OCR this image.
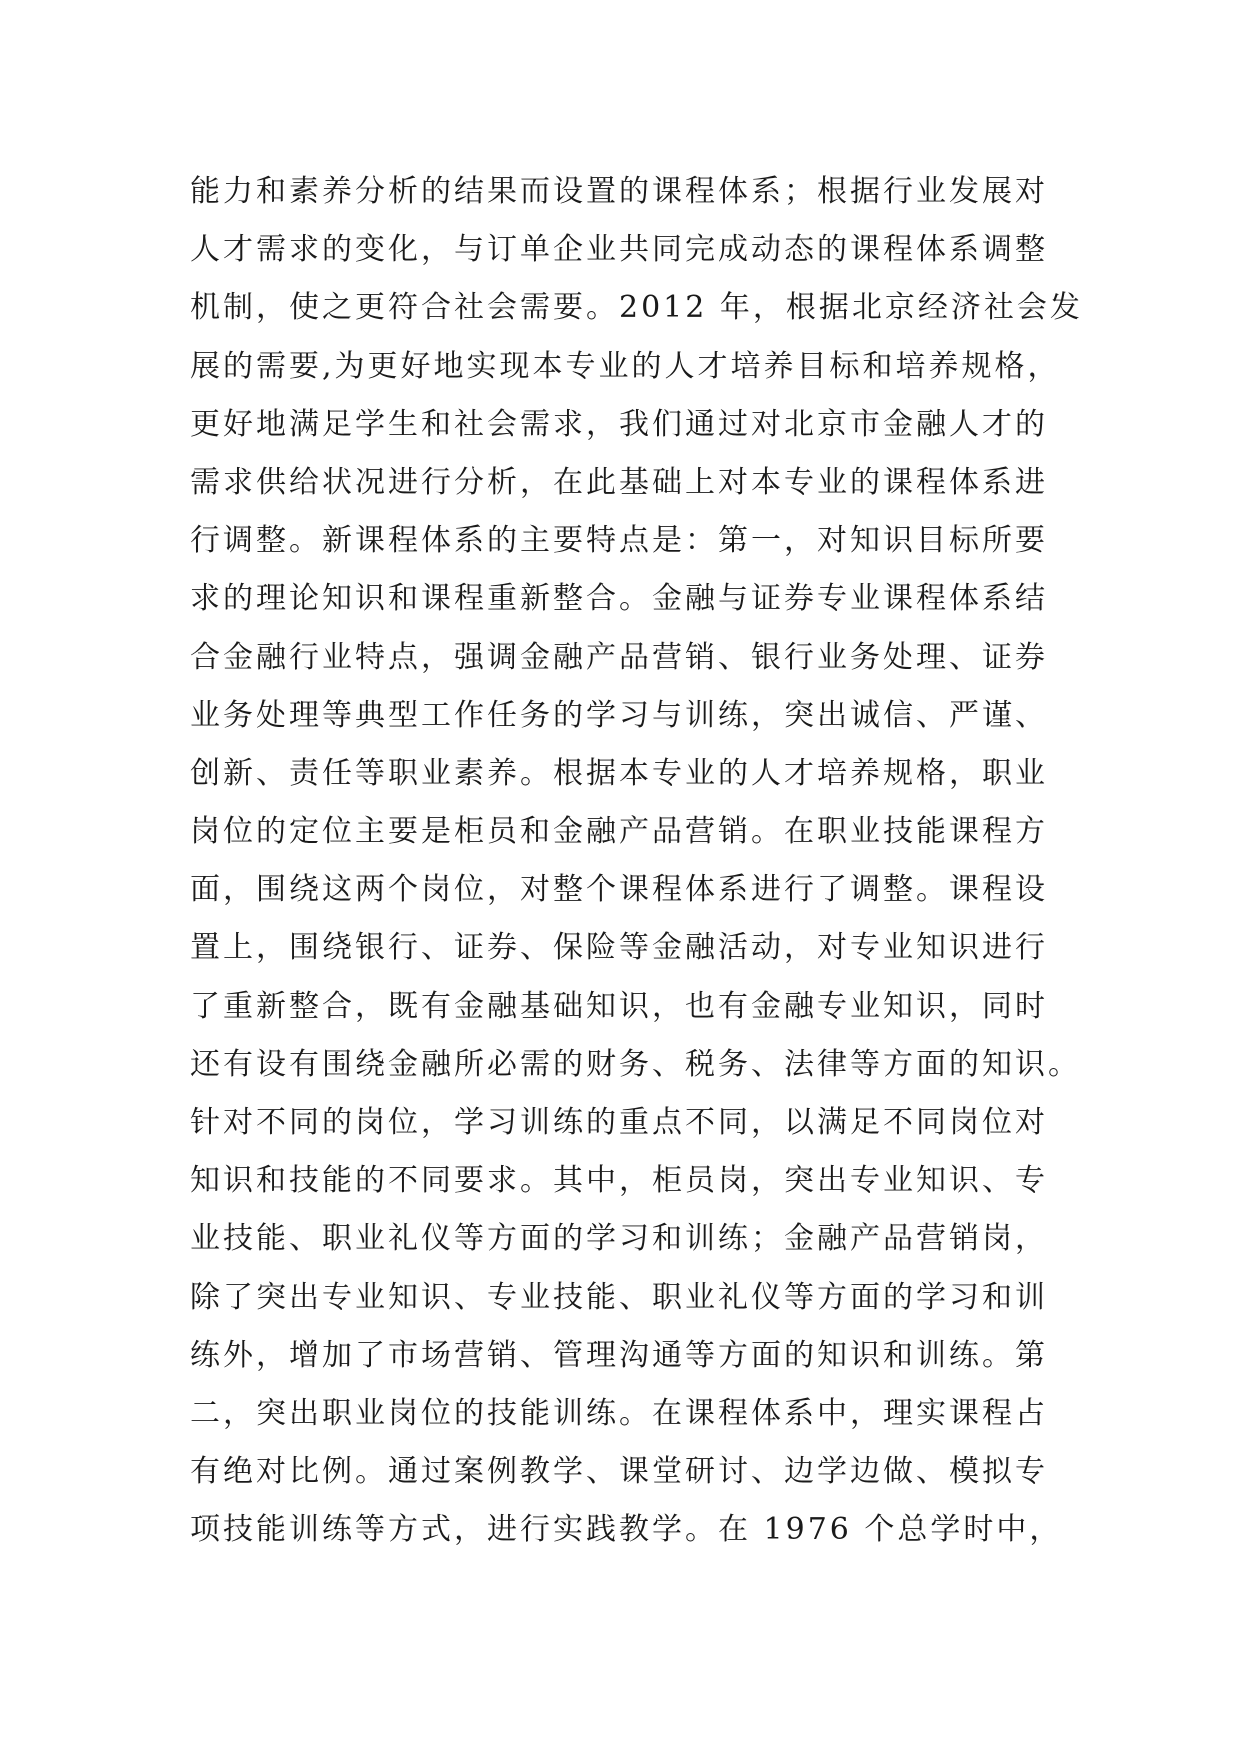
能力和素养分析的结果而设置的课程体系；根据行业发展对
人才需求的变化，与订单企业共同完成动态的课程体系调整
机制，使之更符合社会需要。2012 年，根据北京经济社会发
展的需要,为更好地实现本专业的人才培养目标和培养规格，
更好地满足学生和社会需求，我们通过对北京市金融人才的
需求供给状况进行分析，在此基础上对本专业的课程体系进
行调整。新课程体系的主要特点是：第一，对知识目标所要
求的理论知识和课程重新整合。金融与证券专业课程体系结
合金融行业特点，强调金融产品营销、银行业务处理、证券
业务处理等典型工作任务的学习与训练，突出诚信、严谨、
创新、责任等职业素养。根据本专业的人才培养规格，职业
岗位的定位主要是柜员和金融产品营销。在职业技能课程方
面，围绕这两个岗位，对整个课程体系进行了调整。课程设
置上，围绕银行、证券、保险等金融活动，对专业知识进行
了重新整合，既有金融基础知识，也有金融专业知识，同时
还有设有围绕金融所必需的财务、税务、法律等方面的知识。
针对不同的岗位，学习训练的重点不同，以满足不同岗位对
知识和技能的不同要求。其中，柜员岗，突出专业知识、专
业技能、职业礼仪等方面的学习和训练；金融产品营销岗，
除了突出专业知识、专业技能、职业礼仪等方面的学习和训
练外，增加了市场营销、管理沟通等方面的知识和训练。第
二，突出职业岗位的技能训练。在课程体系中，理实课程占
有绝对比例。通过案例教学、课堂研讨、边学边做、模拟专
项技能训练等方式，进行实践教学。在 1976 个总学时中，
